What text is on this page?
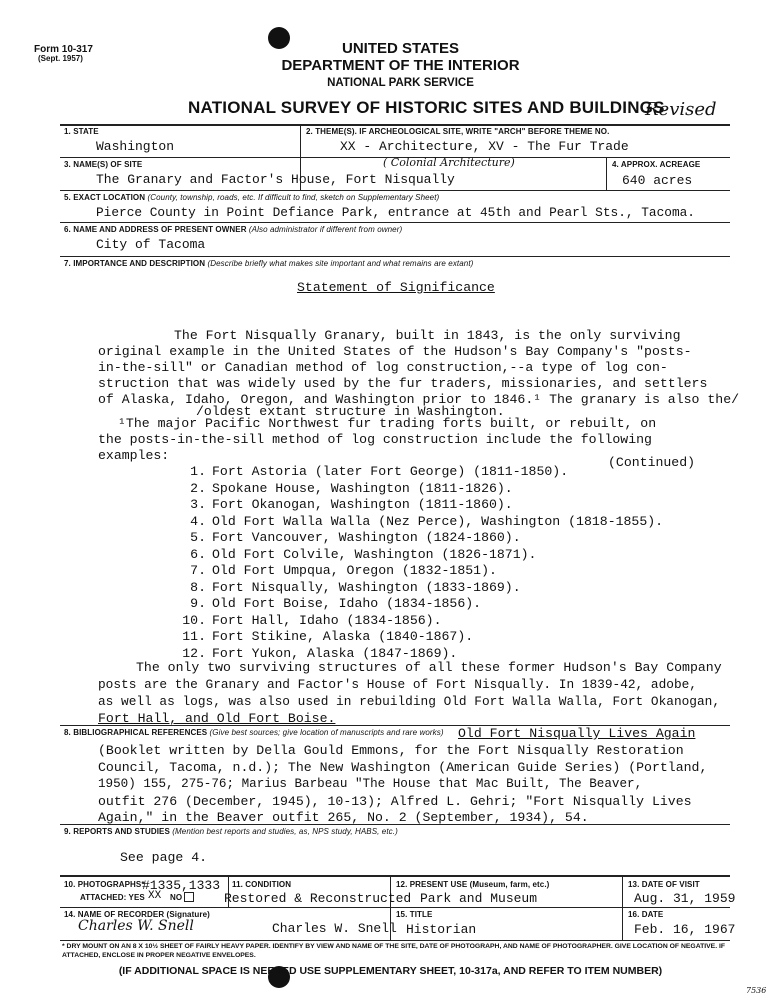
Form 10-317
(Sept. 1957)
UNITED STATES
DEPARTMENT OF THE INTERIOR
NATIONAL PARK SERVICE
NATIONAL SURVEY OF HISTORIC SITES AND BUILDINGS
Revised
1. STATE
Washington
2. THEME(S). IF ARCHEOLOGICAL SITE, WRITE "ARCH" BEFORE THEME NO.
XX - Architecture, XV - The Fur Trade
3. NAME(S) OF SITE	( Colonial Architecture)
The Granary and Factor's House, Fort Nisqually
4. APPROX. ACREAGE
640 acres
5. EXACT LOCATION (County, township, roads, etc. If difficult to find, sketch on Supplementary Sheet)
Pierce County in Point Defiance Park, entrance at 45th and Pearl Sts., Tacoma.
6. NAME AND ADDRESS OF PRESENT OWNER (Also administrator if different from owner)
City of Tacoma
7. IMPORTANCE AND DESCRIPTION (Describe briefly what makes site important and what remains are extant)
Statement of Significance
The Fort Nisqually Granary, built in 1843, is the only surviving
original example in the United States of the Hudson's Bay Company's "posts-
in-the-sill" or Canadian method of log construction,--a type of log con-
struction that was widely used by the fur traders, missionaries, and settlers
of Alaska, Idaho, Oregon, and Washington prior to 1846.¹ The granary is also the/
/oldest extant structure in Washington.
¹The major Pacific Northwest fur trading forts built, or rebuilt, on
the posts-in-the-sill method of log construction include the following
examples:	(Continued)
1. Fort Astoria (later Fort George) (1811-1850).
2. Spokane House, Washington (1811-1826).
3. Fort Okanogan, Washington (1811-1860).
4. Old Fort Walla Walla (Nez Perce), Washington (1818-1855).
5. Fort Vancouver, Washington (1824-1860).
6. Old Fort Colvile, Washington (1826-1871).
7. Old Fort Umpqua, Oregon (1832-1851).
8. Fort Nisqually, Washington (1833-1869).
9. Old Fort Boise, Idaho (1834-1856).
10. Fort Hall, Idaho (1834-1856).
11. Fort Stikine, Alaska (1840-1867).
12. Fort Yukon, Alaska (1847-1869).
The only two surviving structures of all these former Hudson's Bay Company
posts are the Granary and Factor's House of Fort Nisqually. In 1839-42, adobe,
as well as logs, was also used in rebuilding Old Fort Walla Walla, Fort Okanogan,
Fort Hall, and Old Fort Boise.
8. BIBLIOGRAPHICAL REFERENCES (Give best sources; give location of manuscripts and rare works) Old Fort Nisqually Lives Again
(Booklet written by Della Gould Emmons, for the Fort Nisqually Restoration
Council, Tacoma, n.d.); The New Washington (American Guide Series) (Portland,
1950) 155, 275-76; Marius Barbeau "The House that Mac Built, The Beaver,
outfit 276 (December, 1945), 10-13); Alfred L. Gehri; "Fort Nisqually Lives
Again," in the Beaver outfit 265, No. 2 (September, 1934), 54.
9. REPORTS AND STUDIES (Mention best reports and studies, as, NPS study, HABS, etc.)
See page 4.
10. PHOTOGRAPHS*
#1335,1333
ATTACHED: YES XX NO
11. CONDITION
Restored & Reconstructed
12. PRESENT USE (Museum, farm, etc.)
Park and Museum
13. DATE OF VISIT
Aug. 31, 1959
14. NAME OF RECORDER (Signature)
Charles W. Snell	Charles W. Snell
15. TITLE
Historian
16. DATE
Feb. 16, 1967
* DRY MOUNT ON AN 8 X 10½ SHEET OF FAIRLY HEAVY PAPER. IDENTIFY BY VIEW AND NAME OF THE SITE, DATE OF PHOTOGRAPH, AND NAME OF PHOTOGRAPHER. GIVE LOCATION OF NEGATIVE. IF ATTACHED, ENCLOSE IN PROPER NEGATIVE ENVELOPES.
(IF ADDITIONAL SPACE IS NEEDED USE SUPPLEMENTARY SHEET, 10-317a, AND REFER TO ITEM NUMBER)
7536
